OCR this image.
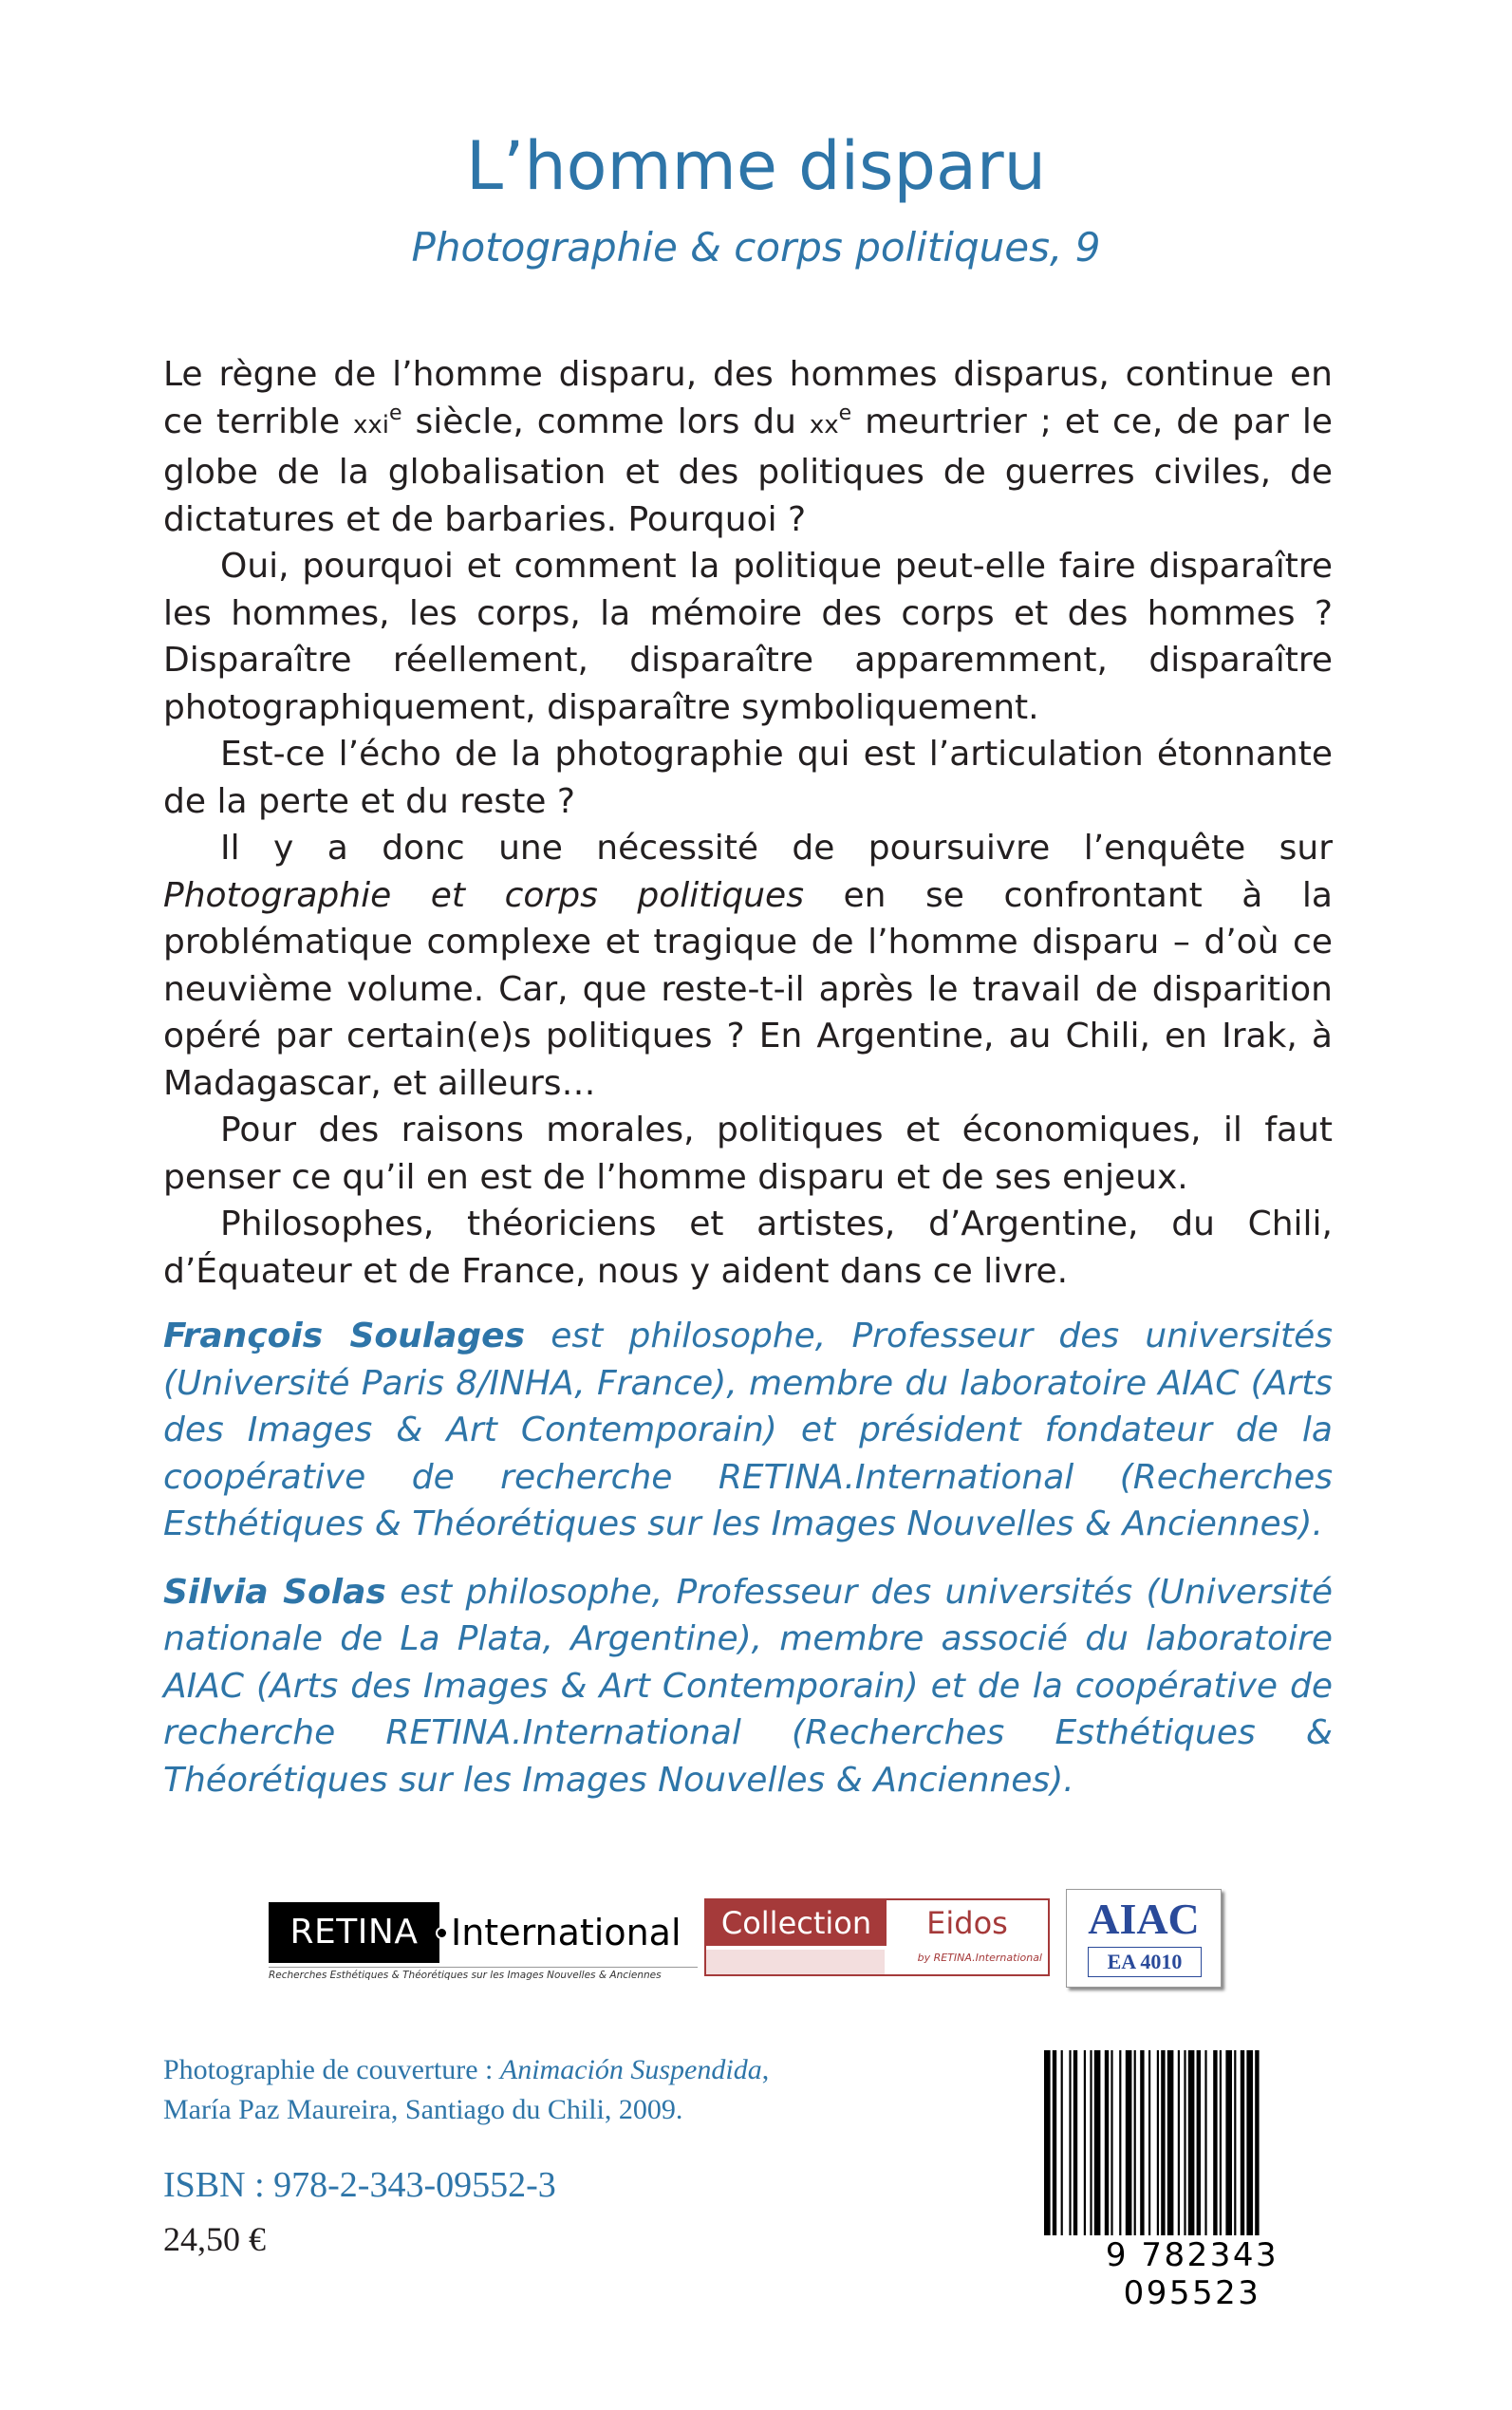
L’homme disparu
Photographie & corps politiques, 9

Le règne de l’homme disparu, des hommes disparus, continue en ce terrible xxi$^e$ siècle, comme lors du $xx^e$ meurtrier ; et ce, de par le globe de la globalisation et des politiques de guerres civiles, de dictatures et de barbaries. Pourquoi ?

Oui, pourquoi et comment la politique peut-elle faire disparaître les hommes, les corps, la mémoire des corps et des hommes ? Disparaître réellement, disparaître apparemment, disparaître photographiquement, disparaître symboliquement.

Est-ce l’écho de la photographie qui est l’articulation étonnante de la perte et du reste ?

Il y a donc une nécessité de poursuivre l’enquête sur Photographie et corps politiques en se confrontant à la problématique complexe et tragique de l’homme disparu – d’où ce neuvième volume. Car, que reste-t-il après le travail de disparition opéré par certain(e)s politiques ? En Argentine, au Chili, en Irak, à Madagascar, et ailleurs…

Pour des raisons morales, politiques et économiques, il faut penser ce qu’il en est de l’homme disparu et de ses enjeux.

Philosophes, théoriciens et artistes, d’Argentine, du Chili, d’Équateur et de France, nous y aident dans ce livre.

François Soulages est philosophe, Professeur des universités (Université Paris 8/INHA, France), membre du laboratoire AIAC (Arts des Images & Art Contemporain) et président fondateur de la coopérative de recherche RETINA.International (Recherches Esthétiques & Théorétiques sur les Images Nouvelles & Anciennes).

Silvia Solas est philosophe, Professeur des universités (Université nationale de La Plata, Argentine), membre associé du laboratoire AIAC (Arts des Images & Art Contemporain) et de la coopérative de recherche RETINA.International (Recherches Esthétiques & Théorétiques sur les Images Nouvelles & Anciennes).

RETINA International
Recherches Esthétiques & Théorétiques sur les Images Nouvelles & Anciennes
Collection	Eidos
by RETINA.International
AIAC
EA 4010

Photographie de couverture : Animación Suspendida,

María Paz Maureira, Santiago du Chili, 2009.

ISBN : 978-2-343-09552-3
24,50 €	9 782343 095523
